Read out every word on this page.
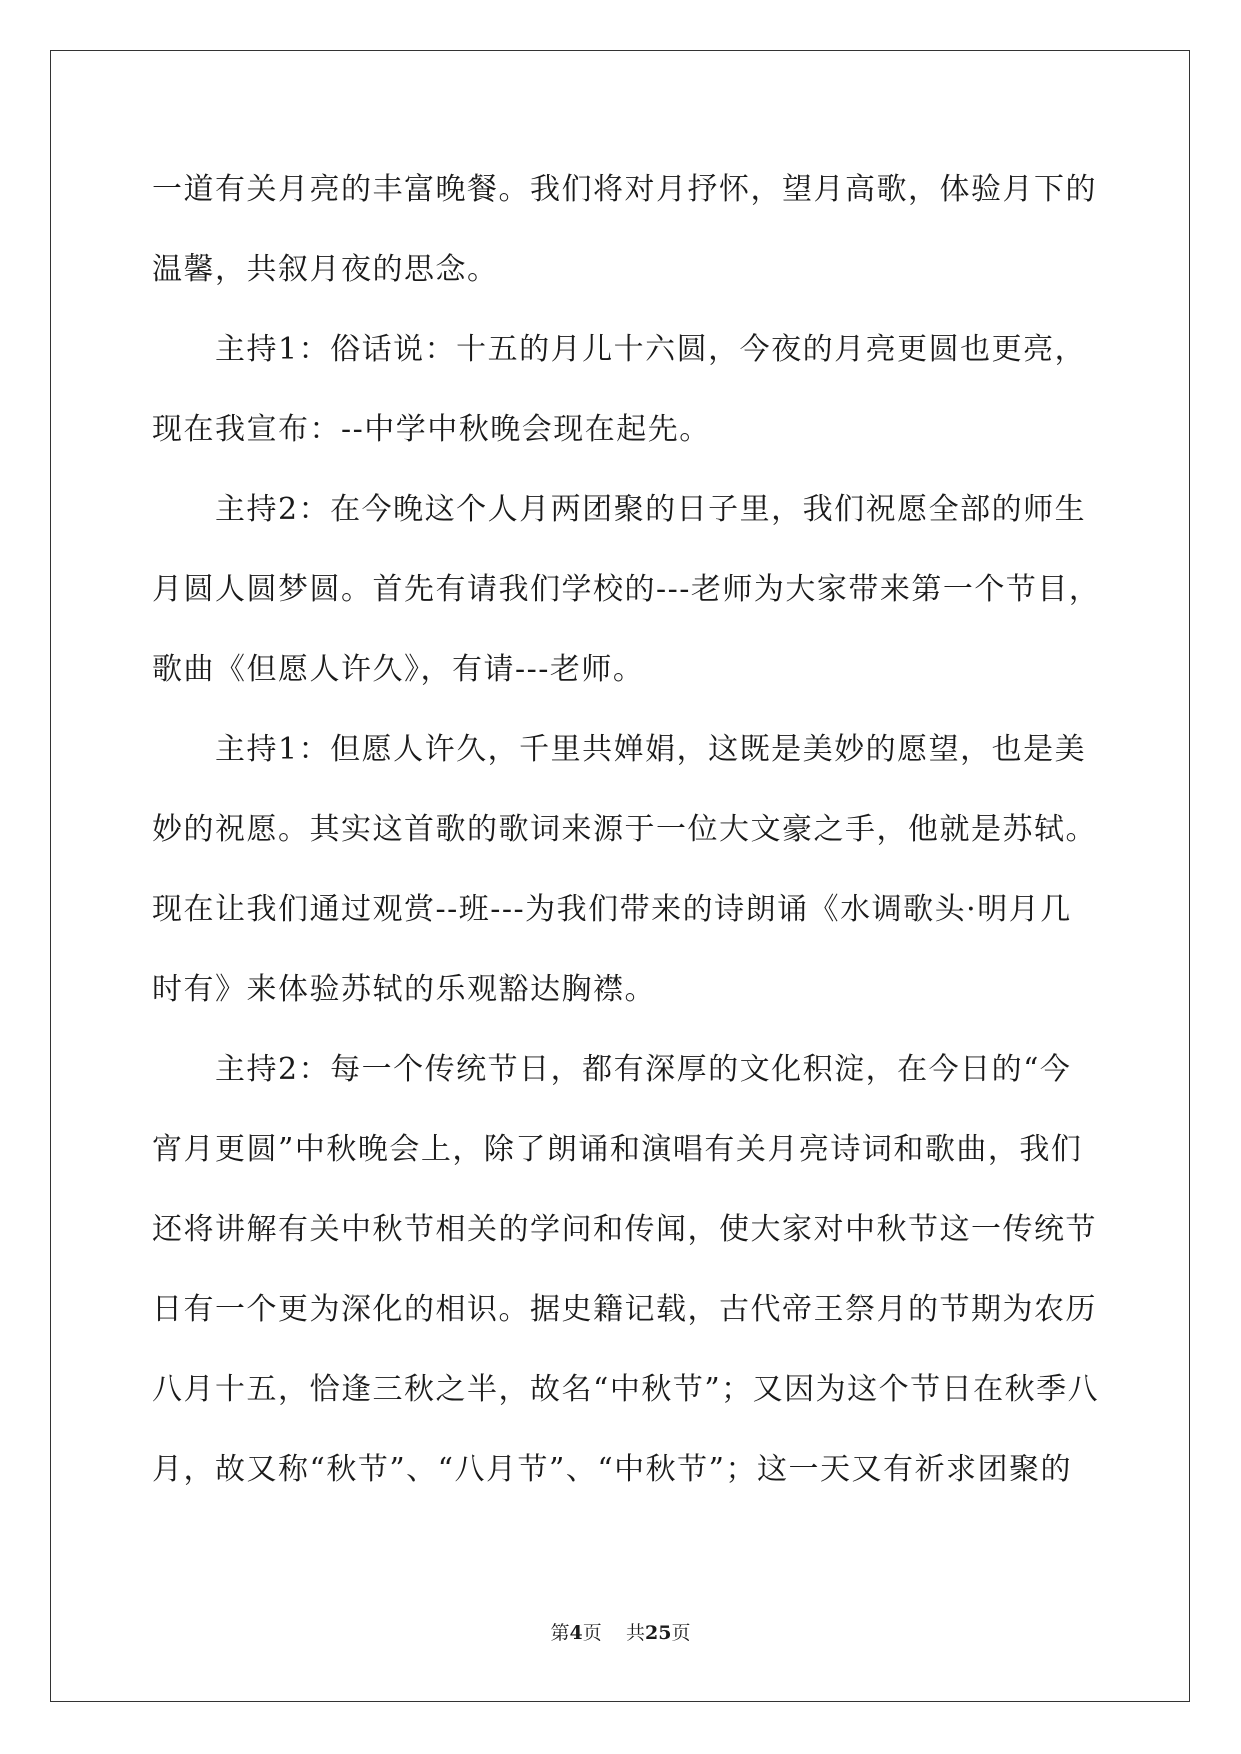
一道有关月亮的丰富晚餐。我们将对月抒怀，望月高歌，体验月下的
温馨，共叙月夜的思念。
　　主持1：俗话说：十五的月儿十六圆，今夜的月亮更圆也更亮，
现在我宣布：--中学中秋晚会现在起先。
　　主持2：在今晚这个人月两团聚的日子里，我们祝愿全部的师生
月圆人圆梦圆。首先有请我们学校的---老师为大家带来第一个节目，
歌曲《但愿人许久》，有请---老师。
　　主持1：但愿人许久，千里共婵娟，这既是美妙的愿望，也是美
妙的祝愿。其实这首歌的歌词来源于一位大文豪之手，他就是苏轼。
现在让我们通过观赏--班---为我们带来的诗朗诵《水调歌头·明月几
时有》来体验苏轼的乐观豁达胸襟。
　　主持2：每一个传统节日，都有深厚的文化积淀，在今日的“今
宵月更圆”中秋晚会上，除了朗诵和演唱有关月亮诗词和歌曲，我们
还将讲解有关中秋节相关的学问和传闻，使大家对中秋节这一传统节
日有一个更为深化的相识。据史籍记载，古代帝王祭月的节期为农历
八月十五，恰逢三秋之半，故名“中秋节”；又因为这个节日在秋季八
月，故又称“秋节”、“八月节”、“中秋节”；这一天又有祈求团聚的
第4页 共25页
